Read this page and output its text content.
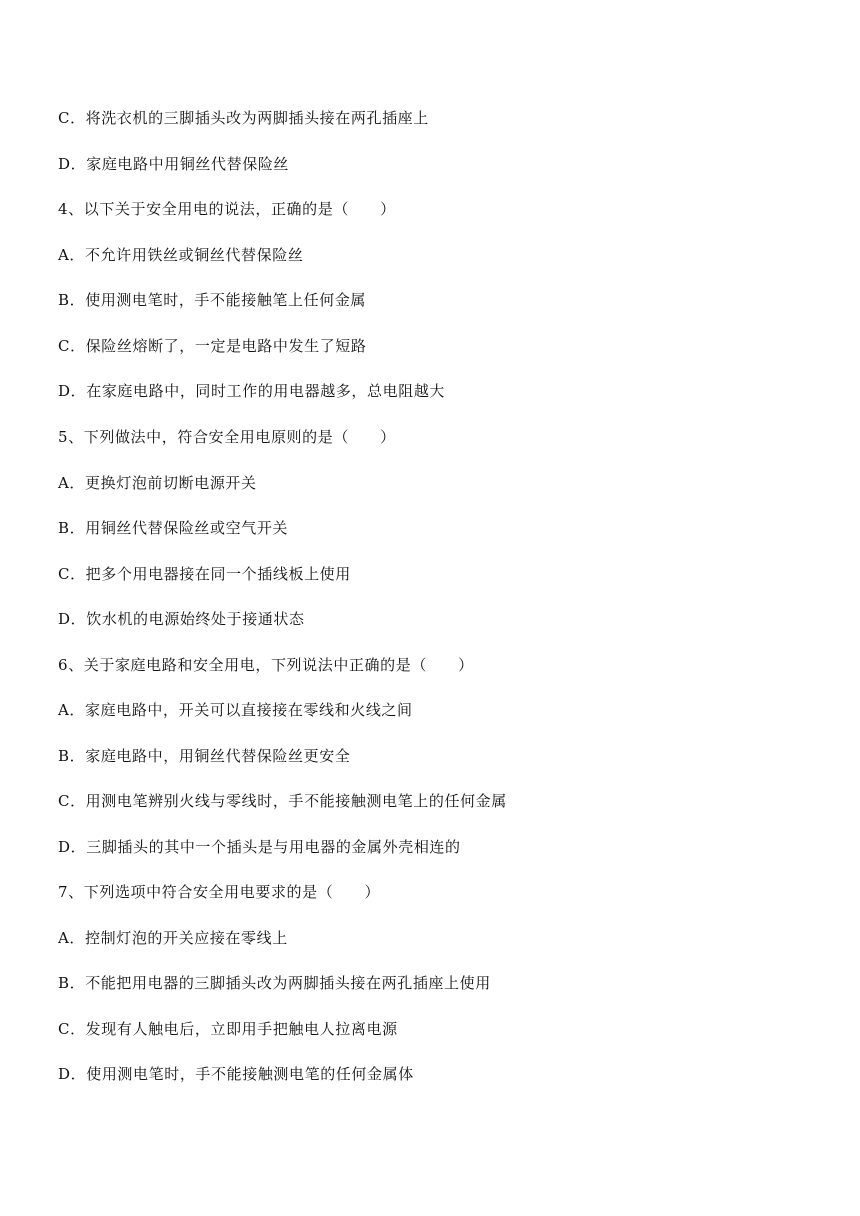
C．将洗衣机的三脚插头改为两脚插头接在两孔插座上
D．家庭电路中用铜丝代替保险丝
4、以下关于安全用电的说法，正确的是（　　）
A．不允许用铁丝或铜丝代替保险丝
B．使用测电笔时，手不能接触笔上任何金属
C．保险丝熔断了，一定是电路中发生了短路
D．在家庭电路中，同时工作的用电器越多，总电阻越大
5、下列做法中，符合安全用电原则的是（　　）
A．更换灯泡前切断电源开关
B．用铜丝代替保险丝或空气开关
C．把多个用电器接在同一个插线板上使用
D．饮水机的电源始终处于接通状态
6、关于家庭电路和安全用电，下列说法中正确的是（　　）
A．家庭电路中，开关可以直接接在零线和火线之间
B．家庭电路中，用铜丝代替保险丝更安全
C．用测电笔辨别火线与零线时，手不能接触测电笔上的任何金属
D．三脚插头的其中一个插头是与用电器的金属外壳相连的
7、下列选项中符合安全用电要求的是（　　）
A．控制灯泡的开关应接在零线上
B．不能把用电器的三脚插头改为两脚插头接在两孔插座上使用
C．发现有人触电后，立即用手把触电人拉离电源
D．使用测电笔时，手不能接触测电笔的任何金属体
